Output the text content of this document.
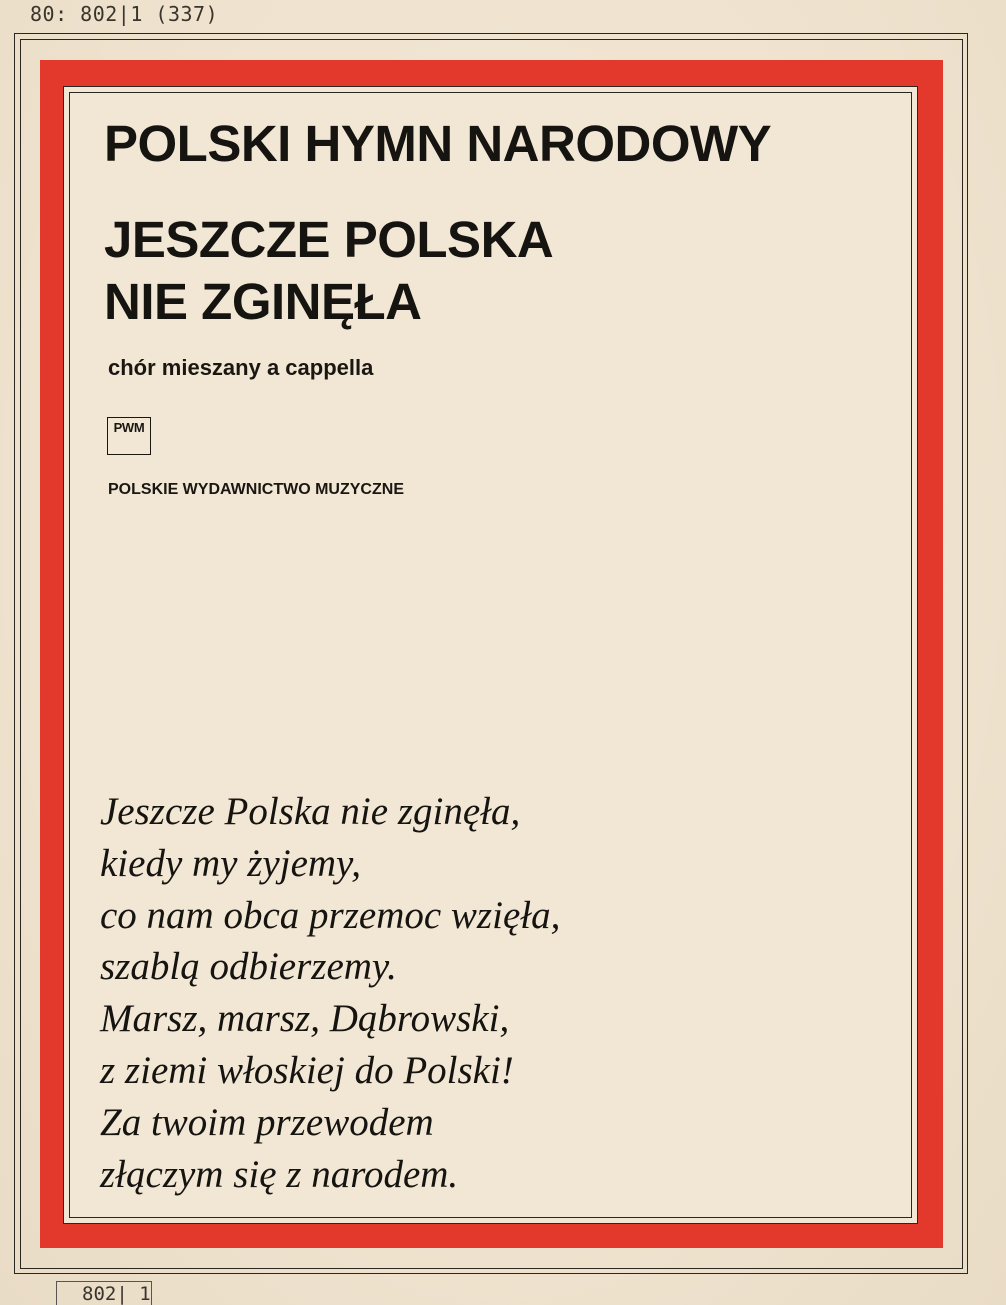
80: 802|1 (337)
POLSKI HYMN NARODOWY
JESZCZE POLSKA
NIE ZGINĘŁA
chór mieszany a cappella
PWM
POLSKIE WYDAWNICTWO MUZYCZNE
Jeszcze Polska nie zginęła,
kiedy my żyjemy,
co nam obca przemoc wzięła,
szablą odbierzemy.
Marsz, marsz, Dąbrowski,
z ziemi włoskiej do Polski!
Za twoim przewodem
złączym się z narodem.
802| 1
